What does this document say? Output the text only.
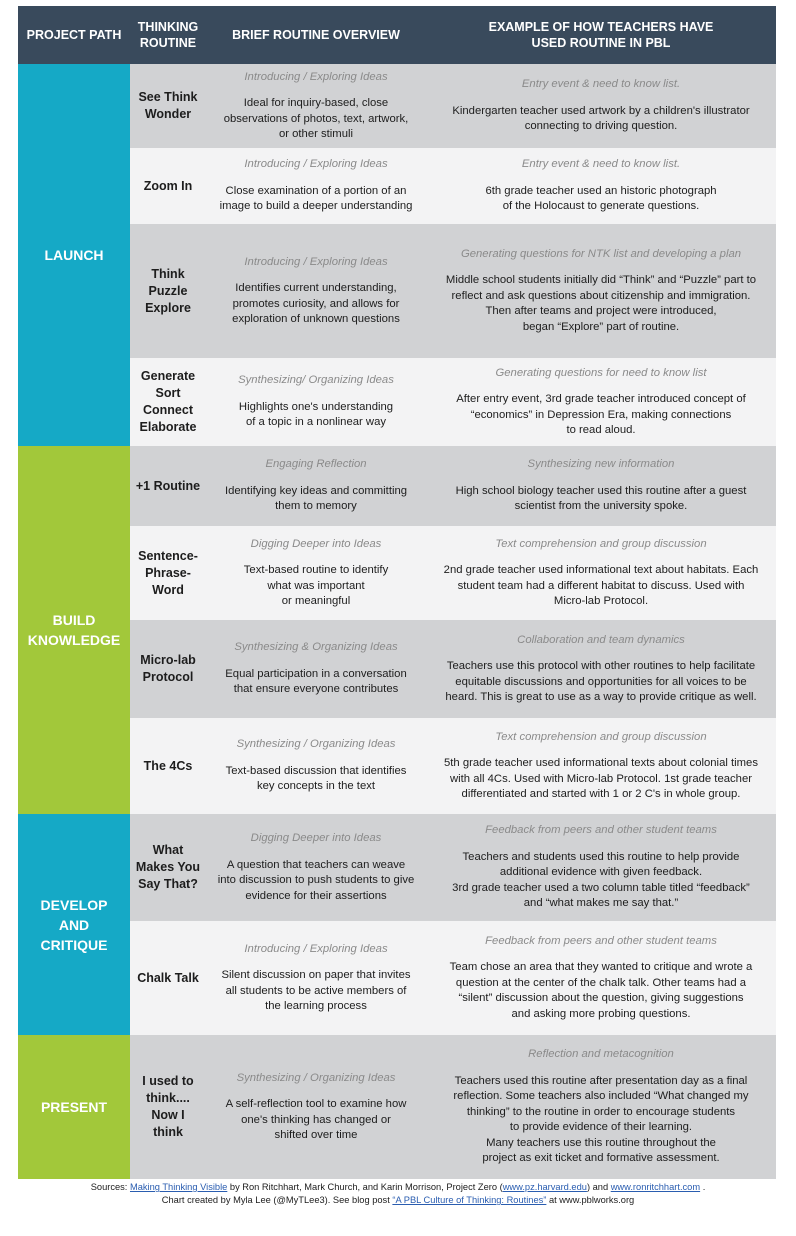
PROJECT PATH
THINKING
ROUTINE
BRIEF ROUTINE OVERVIEW
EXAMPLE OF HOW TEACHERS HAVE
USED ROUTINE IN PBL
LAUNCH
BUILD
KNOWLEDGE
DEVELOP
AND
CRITIQUE
PRESENT
See Think
Wonder
Introducing / Exploring Ideas
Ideal for inquiry-based, close
observations of photos, text, artwork,
or other stimuli
Entry event & need to know list.
Kindergarten teacher used artwork by a children's illustrator
connecting to driving question.
Zoom In
Introducing / Exploring Ideas
Close examination of a portion of an
image to build a deeper understanding
Entry event & need to know list.
6th grade teacher used an historic photograph
of the Holocaust to generate questions.
Think
Puzzle
Explore
Introducing / Exploring Ideas
Identifies current understanding,
promotes curiosity, and allows for
exploration of unknown questions
Generating questions for NTK list and developing a plan
Middle school students initially did “Think” and “Puzzle” part to
reflect and ask questions about citizenship and immigration.
Then after teams and project were introduced,
began “Explore” part of routine.
Generate
Sort
Connect
Elaborate
Synthesizing/ Organizing Ideas
Highlights one's understanding
of a topic in a nonlinear way
Generating questions for need to know list
After entry event, 3rd grade teacher introduced concept of
“economics” in Depression Era, making connections
to read aloud.
+1 Routine
Engaging Reflection
Identifying key ideas and committing
them to memory
Synthesizing new information
High school biology teacher used this routine after a guest
scientist from the university spoke.
Sentence-
Phrase-
Word
Digging Deeper into Ideas
Text-based routine to identify
what was important
or meaningful
Text comprehension and group discussion
2nd grade teacher used informational text about habitats. Each
student team had a different habitat to discuss. Used with
Micro-lab Protocol.
Micro-lab
Protocol
Synthesizing & Organizing Ideas
Equal participation in a conversation
that ensure everyone contributes
Collaboration and team dynamics
Teachers use this protocol with other routines to help facilitate
equitable discussions and opportunities for all voices to be
heard. This is great to use as a way to provide critique as well.
The 4Cs
Synthesizing / Organizing Ideas
Text-based discussion that identifies
key concepts in the text
Text comprehension and group discussion
5th grade teacher used informational texts about colonial times
with all 4Cs. Used with Micro-lab Protocol. 1st grade teacher
differentiated and started with 1 or 2 C's in whole group.
What
Makes You
Say That?
Digging Deeper into Ideas
A question that teachers can weave
into discussion to push students to give
evidence for their assertions
Feedback from peers and other student teams
Teachers and students used this routine to help provide
additional evidence with given feedback.
3rd grade teacher used a two column table titled “feedback”
and “what makes me say that.”
Chalk Talk
Introducing / Exploring Ideas
Silent discussion on paper that invites
all students to be active members of
the learning process
Feedback from peers and other student teams
Team chose an area that they wanted to critique and wrote a
question at the center of the chalk talk. Other teams had a
“silent” discussion about the question, giving suggestions
and asking more probing questions.
I used to
think....
Now I
think
Synthesizing / Organizing Ideas
A self-reflection tool to examine how
one's thinking has changed or
shifted over time
Reflection and metacognition
Teachers used this routine after presentation day as a final
reflection. Some teachers also included “What changed my
thinking” to the routine in order to encourage students
to provide evidence of their learning.
Many teachers use this routine throughout the
project as exit ticket and formative assessment.
Sources: Making Thinking Visible by Ron Ritchhart, Mark Church, and Karin Morrison, Project Zero (www.pz.harvard.edu) and www.ronritchhart.com .
Chart created by Myla Lee (@MyTLee3). See blog post “A PBL Culture of Thinking: Routines” at www.pblworks.org
